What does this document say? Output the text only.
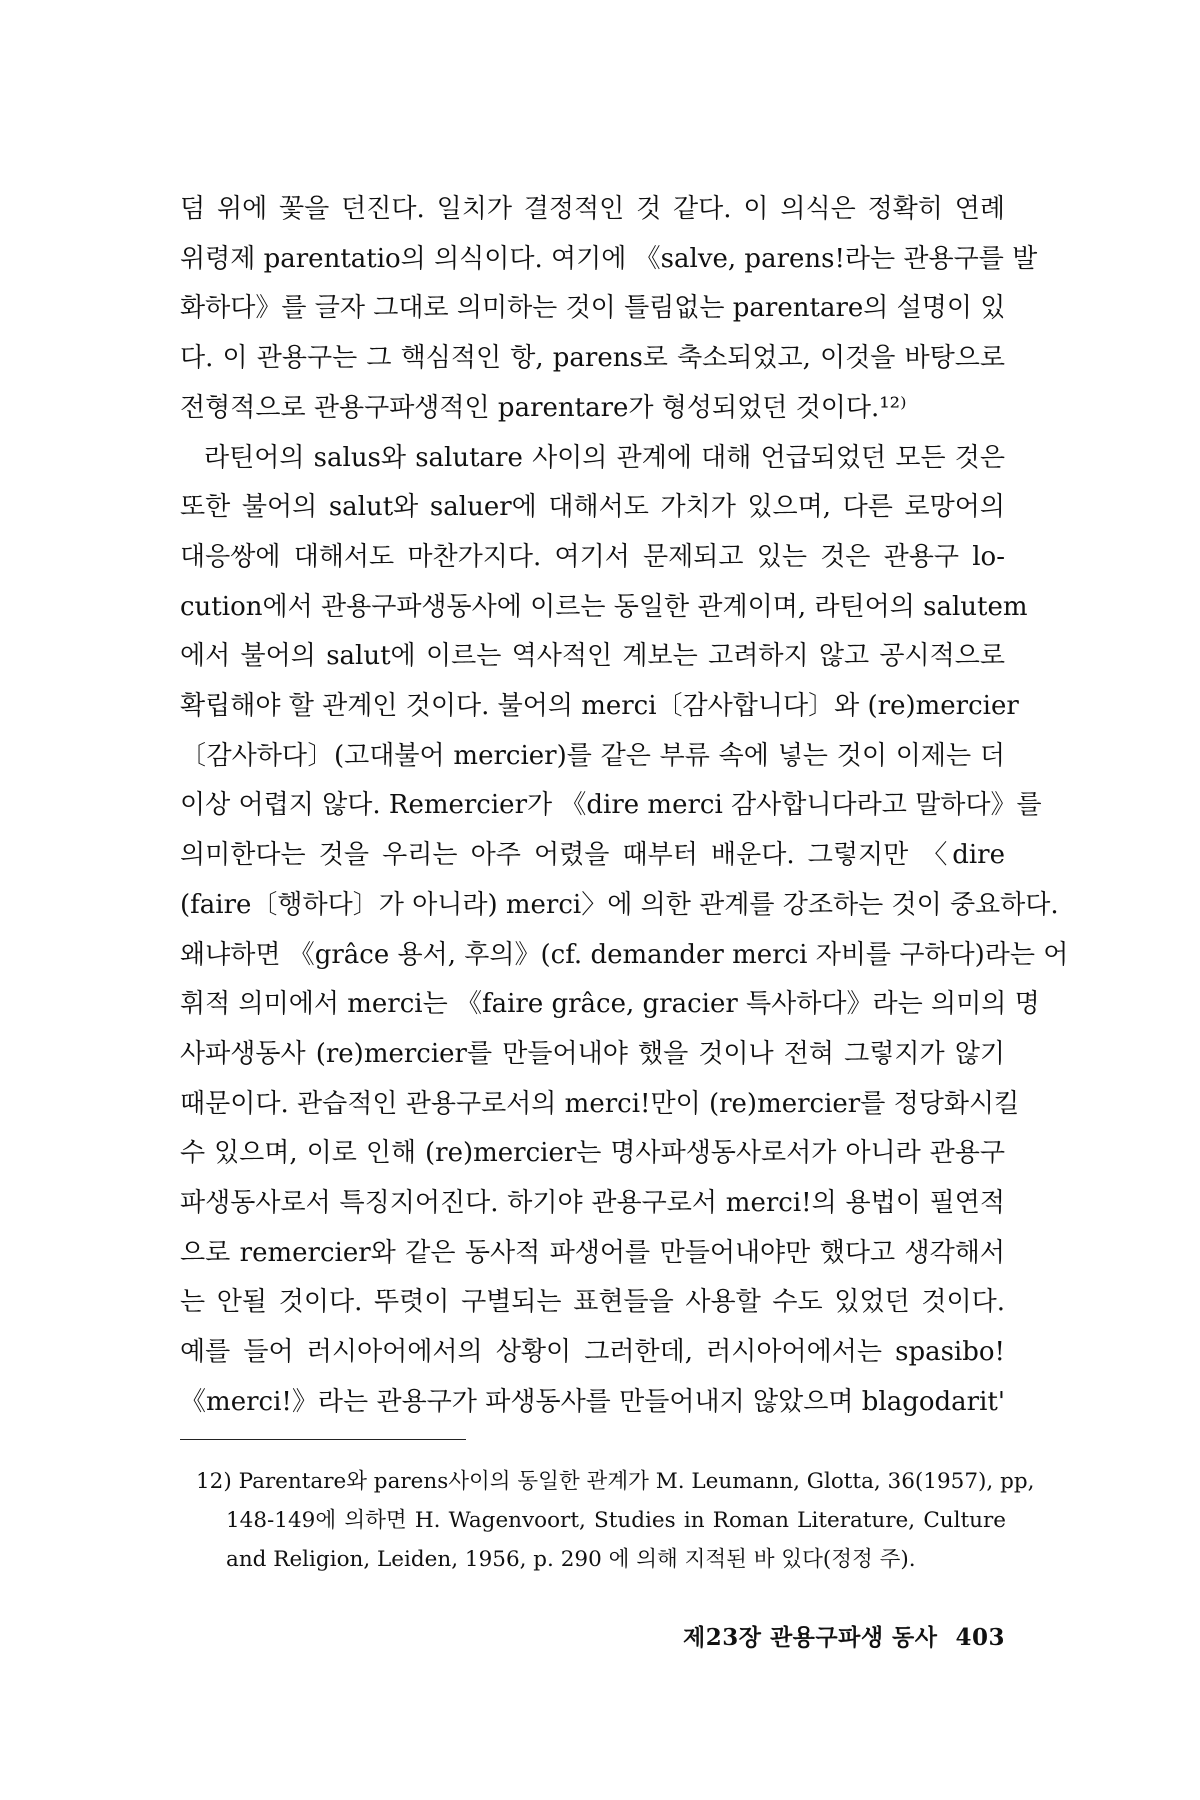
덤 위에 꽃을 던진다. 일치가 결정적인 것 같다. 이 의식은 정확히 연례
위령제 parentatio의 의식이다. 여기에 《salve, parens!라는 관용구를 발
화하다》를 글자 그대로 의미하는 것이 틀림없는 parentare의 설명이 있
다. 이 관용구는 그 핵심적인 항, parens로 축소되었고, 이것을 바탕으로
전형적으로 관용구파생적인 parentare가 형성되었던 것이다.¹²⁾
라틴어의 salus와 salutare 사이의 관계에 대해 언급되었던 모든 것은
또한 불어의 salut와 saluer에 대해서도 가치가 있으며, 다른 로망어의
대응쌍에 대해서도 마찬가지다. 여기서 문제되고 있는 것은 관용구 lo-
cution에서 관용구파생동사에 이르는 동일한 관계이며, 라틴어의 salutem
에서 불어의 salut에 이르는 역사적인 계보는 고려하지 않고 공시적으로
확립해야 할 관계인 것이다. 불어의 merci〔감사합니다〕와 (re)mercier
〔감사하다〕(고대불어 mercier)를 같은 부류 속에 넣는 것이 이제는 더
이상 어렵지 않다. Remercier가 《dire merci 감사합니다라고 말하다》를
의미한다는 것을 우리는 아주 어렸을 때부터 배운다. 그렇지만 〈dire
(faire〔행하다〕가 아니라) merci〉에 의한 관계를 강조하는 것이 중요하다.
왜냐하면 《grâce 용서, 후의》(cf. demander merci 자비를 구하다)라는 어
휘적 의미에서 merci는 《faire grâce, gracier 특사하다》라는 의미의 명
사파생동사 (re)mercier를 만들어내야 했을 것이나 전혀 그렇지가 않기
때문이다. 관습적인 관용구로서의 merci!만이 (re)mercier를 정당화시킬
수 있으며, 이로 인해 (re)mercier는 명사파생동사로서가 아니라 관용구
파생동사로서 특징지어진다. 하기야 관용구로서 merci!의 용법이 필연적
으로 remercier와 같은 동사적 파생어를 만들어내야만 했다고 생각해서
는 안될 것이다. 뚜렷이 구별되는 표현들을 사용할 수도 있었던 것이다.
예를 들어 러시아어에서의 상황이 그러한데, 러시아어에서는 spasibo!
《merci!》라는 관용구가 파생동사를 만들어내지 않았으며 blagodarit'
12) Parentare와 parens사이의 동일한 관계가 M. Leumann, Glotta, 36(1957), pp,
148-149에 의하면 H. Wagenvoort, Studies in Roman Literature, Culture
and Religion, Leiden, 1956, p. 290 에 의해 지적된 바 있다(정정 주).
제23장 관용구파생 동사 403
